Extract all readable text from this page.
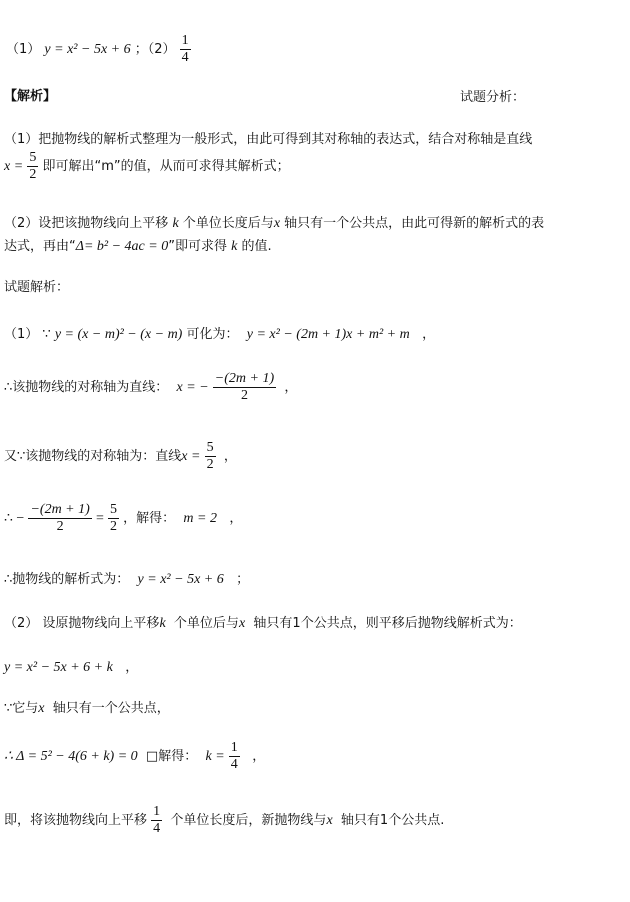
（1） y = x² − 5x + 6 ；$(2) \frac{1}{4}$
【解析】	试题分析：
（1）把抛物线的解析式整理为一般形式，由此可得到其对称轴的表达式，结合对称轴是直线
$x = \frac{5}{2}$ 即可解出“m”的值，从而可求得其解析式；
（2）设把该抛物线向上平移 k 个单位长度后与x 轴只有一个公共点，由此可得新的解析式的表
达式，再由“Δ= b² − 4ac = 0”即可求得 k 的值.
试题解析：
（1） ∵ y = (x − m)² − (x − m) 可化为： y = x² − (2m + 1)x + m² + m ，
∴该抛物线的对称轴为直线： x = − $\frac{-(2m + 1)}{2}$ ，
又∵该抛物线的对称轴为：直线$x = \frac{5}{2}$ ，
∴ − $\frac{-(2m + 1)}{2} = \frac{5}{2}$ ，解得： m = 2 ，
∴抛物线的解析式为： y = x² − 5x + 6 ；
（2） 设原抛物线向上平移k 个单位后与x 轴只有1个公共点，则平移后抛物线解析式为：
y = x² − 5x + 6 + k ，
∵它与x 轴只有一个公共点，
∴ Δ = 5² − 4(6 + k) = 0 □解得： $k = \frac{1}{4}$ ，
即，将该抛物线向上平移 $\frac{1}{4}$ 个单位长度后，新抛物线与x 轴只有1个公共点.
